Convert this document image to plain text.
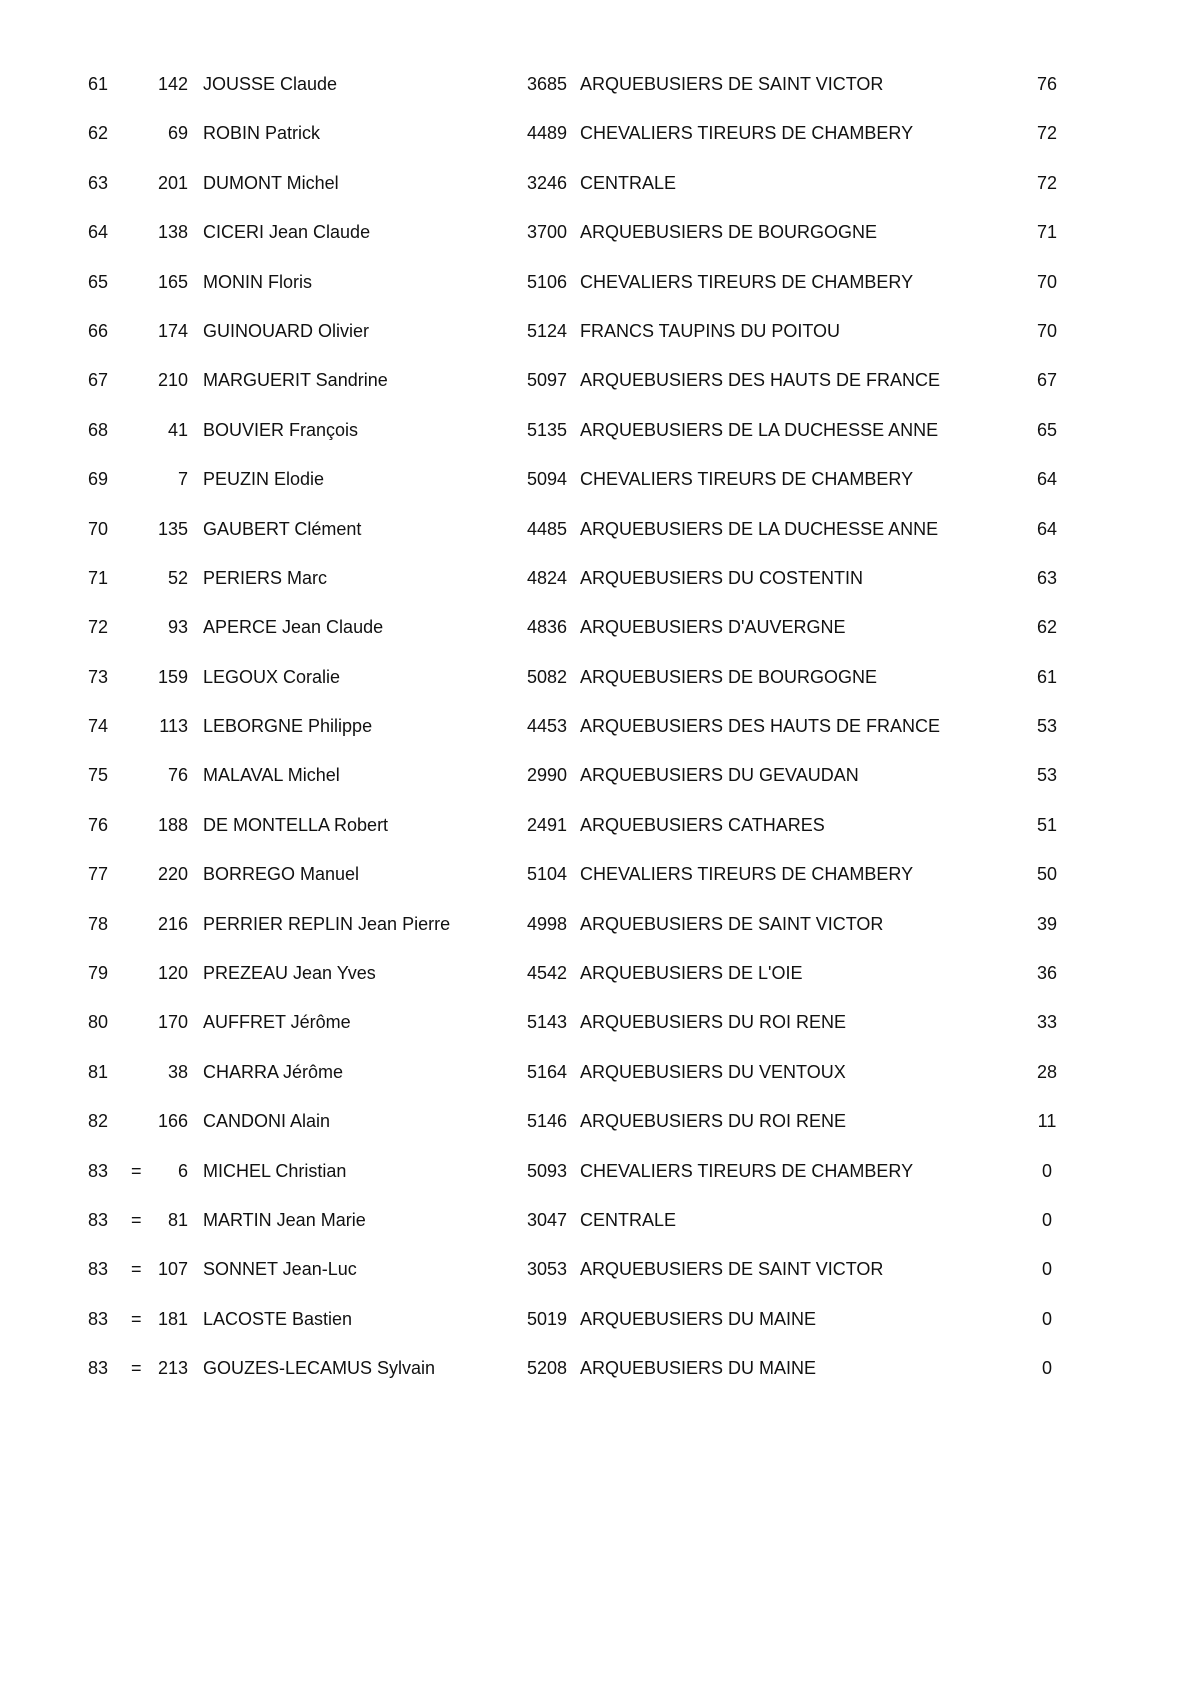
61	142 JOUSSE Claude	3685 ARQUEBUSIERS DE SAINT VICTOR	76
62	69 ROBIN Patrick	4489 CHEVALIERS TIREURS DE CHAMBERY	72
63	201 DUMONT Michel	3246 CENTRALE	72
64	138 CICERI Jean Claude	3700 ARQUEBUSIERS DE BOURGOGNE	71
65	165 MONIN Floris	5106 CHEVALIERS TIREURS DE CHAMBERY	70
66	174 GUINOUARD Olivier	5124 FRANCS TAUPINS DU POITOU	70
67	210 MARGUERIT Sandrine	5097 ARQUEBUSIERS DES HAUTS DE FRANCE	67
68	41 BOUVIER François	5135 ARQUEBUSIERS DE LA DUCHESSE ANNE	65
69	7 PEUZIN Elodie	5094 CHEVALIERS TIREURS DE CHAMBERY	64
70	135 GAUBERT Clément	4485 ARQUEBUSIERS DE LA DUCHESSE ANNE	64
71	52 PERIERS Marc	4824 ARQUEBUSIERS DU COSTENTIN	63
72	93 APERCE Jean Claude	4836 ARQUEBUSIERS D'AUVERGNE	62
73	159 LEGOUX Coralie	5082 ARQUEBUSIERS DE BOURGOGNE	61
74	113 LEBORGNE Philippe	4453 ARQUEBUSIERS DES HAUTS DE FRANCE	53
75	76 MALAVAL Michel	2990 ARQUEBUSIERS DU GEVAUDAN	53
76	188 DE MONTELLA Robert	2491 ARQUEBUSIERS CATHARES	51
77	220 BORREGO Manuel	5104 CHEVALIERS TIREURS DE CHAMBERY	50
78	216 PERRIER REPLIN Jean Pierre	4998 ARQUEBUSIERS DE SAINT VICTOR	39
79	120 PREZEAU Jean Yves	4542 ARQUEBUSIERS DE L'OIE	36
80	170 AUFFRET Jérôme	5143 ARQUEBUSIERS DU ROI RENE	33
81	38 CHARRA Jérôme	5164 ARQUEBUSIERS DU VENTOUX	28
82	166 CANDONI Alain	5146 ARQUEBUSIERS DU ROI RENE	11
83 =	6 MICHEL Christian	5093 CHEVALIERS TIREURS DE CHAMBERY	0
83 =	81 MARTIN Jean Marie	3047 CENTRALE	0
83 = 107 SONNET Jean-Luc	3053 ARQUEBUSIERS DE SAINT VICTOR	0
83 = 181 LACOSTE Bastien	5019 ARQUEBUSIERS DU MAINE	0
83 = 213 GOUZES-LECAMUS Sylvain	5208 ARQUEBUSIERS DU MAINE	0
